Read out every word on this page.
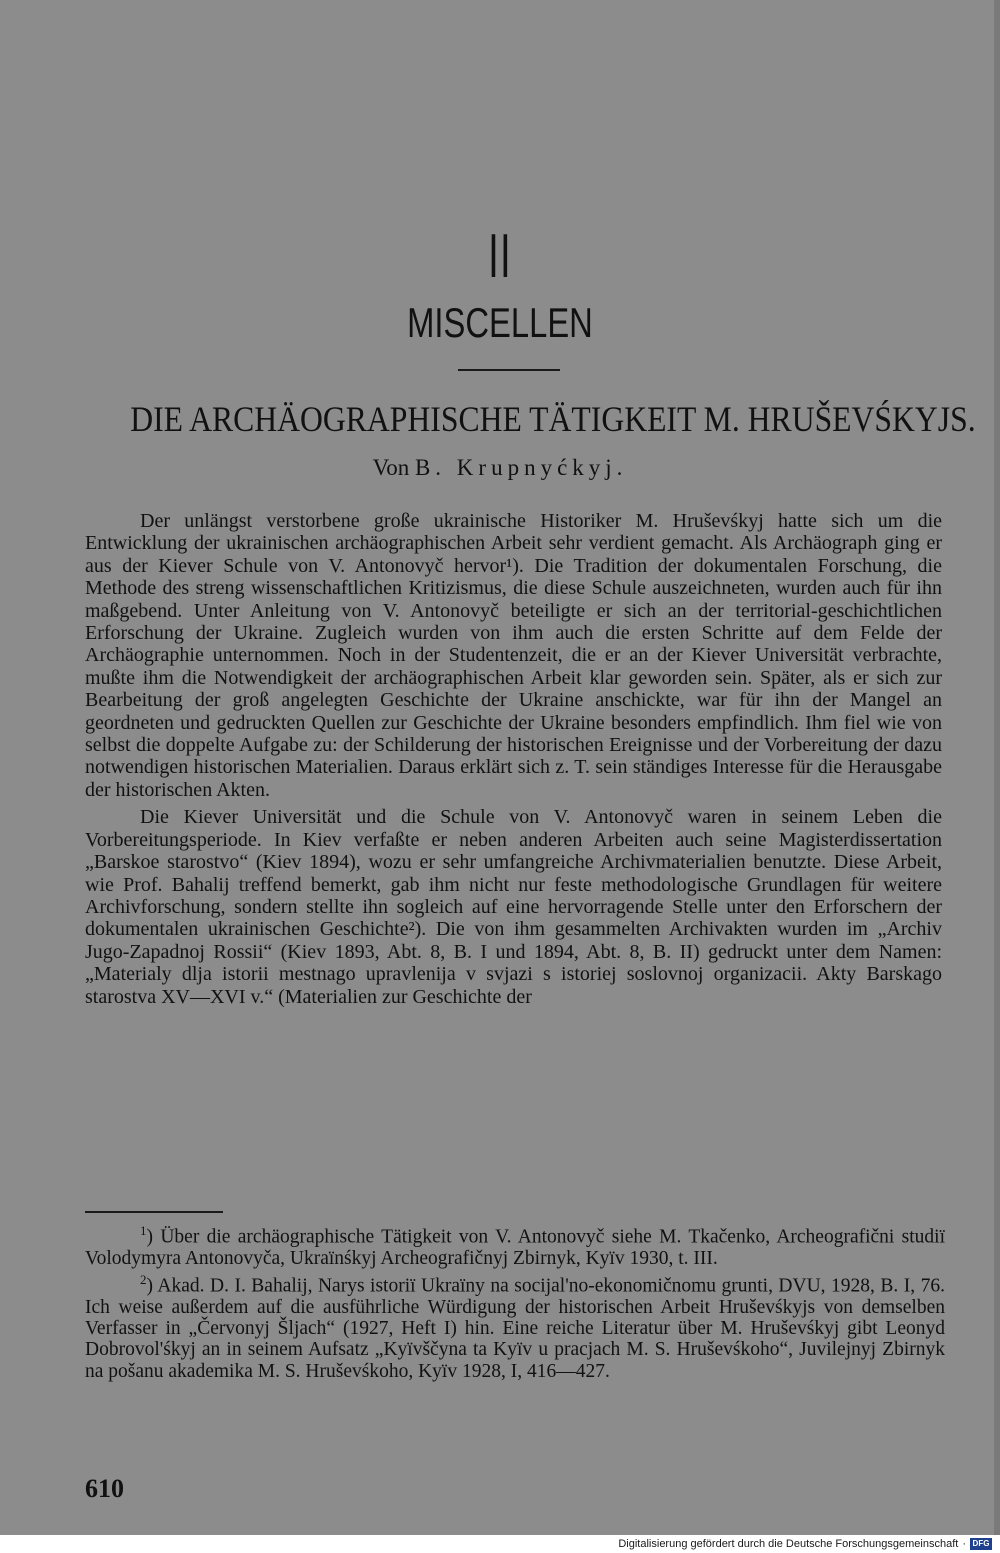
II
MISCELLEN
DIE ARCHÄOGRAPHISCHE TÄTIGKEIT M. HRUŠEVŚKYJS.
Von B. Krupnyćkyj.

Der unlängst verstorbene große ukrainische Historiker M. Hruševśkyj hatte sich um die Entwicklung der ukrainischen archäographischen Arbeit sehr verdient gemacht. Als Archäograph ging er aus der Kiever Schule von V. Antonovyč hervor¹). Die Tradition der dokumentalen Forschung, die Methode des streng wissenschaftlichen Kritizismus, die diese Schule auszeichneten, wurden auch für ihn maßgebend. Unter Anleitung von V. Antonovyč beteiligte er sich an der territorial-geschichtlichen Erforschung der Ukraine. Zugleich wurden von ihm auch die ersten Schritte auf dem Felde der Archäographie unternommen. Noch in der Studentenzeit, die er an der Kiever Universität verbrachte, mußte ihm die Notwendigkeit der archäographischen Arbeit klar geworden sein. Später, als er sich zur Bearbeitung der groß angelegten Geschichte der Ukraine anschickte, war für ihn der Mangel an geordneten und gedruckten Quellen zur Geschichte der Ukraine besonders empfindlich. Ihm fiel wie von selbst die doppelte Aufgabe zu: der Schilderung der historischen Ereignisse und der Vorbereitung der dazu notwendigen historischen Materialien. Daraus erklärt sich z. T. sein ständiges Interesse für die Herausgabe der historischen Akten.

Die Kiever Universität und die Schule von V. Antonovyč waren in seinem Leben die Vorbereitungsperiode. In Kiev verfaßte er neben anderen Arbeiten auch seine Magisterdissertation „Barskoe starostvo“ (Kiev 1894), wozu er sehr umfangreiche Archivmaterialien benutzte. Diese Arbeit, wie Prof. Bahalij treffend bemerkt, gab ihm nicht nur feste methodologische Grundlagen für weitere Archivforschung, sondern stellte ihn sogleich auf eine hervorragende Stelle unter den Erforschern der dokumentalen ukrainischen Geschichte²). Die von ihm gesammelten Archivakten wurden im „Archiv Jugo-Zapadnoj Rossii“ (Kiev 1893, Abt. 8, B. I und 1894, Abt. 8, B. II) gedruckt unter dem Namen: „Materialy dlja istorii mestnago upravlenija v svjazi s istoriej soslovnoj organizacii. Akty Barskago starostva XV—XVI v.“ (Materialien zur Geschichte der

$^1$) Über die archäographische Tätigkeit von V. Antonovyč siehe M. Tkačenko, Archeografični studiï Volodymyra Antonovyča, Ukraïnśkyj Archeografičnyj Zbirnyk, Kyïv 1930, t. III.

$^2$) Akad. D. I. Bahalij, Narys istoriï Ukraïny na socijal'no-ekonomičnomu grunti, DVU, 1928, B. I, 76. Ich weise außerdem auf die ausführliche Würdigung der historischen Arbeit Hruševśkyjs von demselben Verfasser in „Červonyj Šljach“ (1927, Heft I) hin. Eine reiche Literatur über M. Hruševśkyj gibt Leonyd Dobrovol'śkyj an in seinem Aufsatz „Kyïvščyna ta Kyïv u pracjach M. S. Hruševśkoho“, Juvilejnyj Zbirnyk na pošanu akademika M. S. Hruševśkoho, Kyïv 1928, I, 416—427.

610
Digitalisierung gefördert durch die Deutsche Forschungsgemeinschaft · DFG
